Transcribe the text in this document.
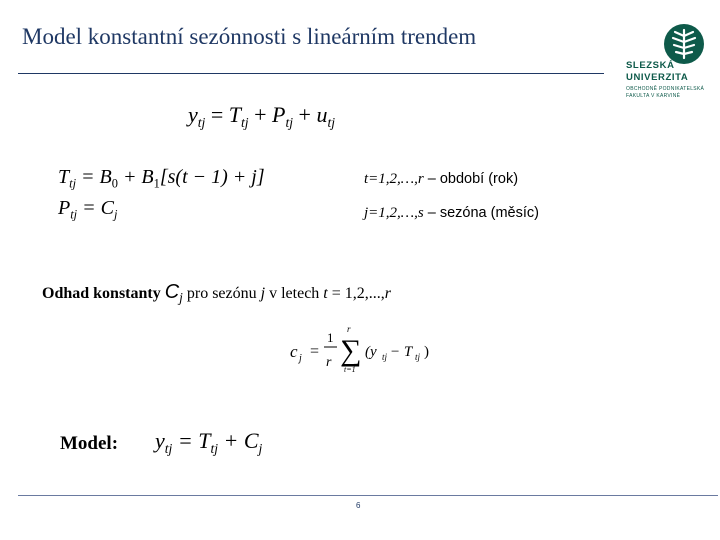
Model konstantní sezónnosti s lineárním trendem
SLEZSKÁ
UNIVERZITA
OBCHODNĚ PODNIKATELSKÁ
FAKULTA V KARVINÉ
$y_{tj} = T_{tj} + P_{tj} + u_{tj}$
$T_{tj} = B_0 + B_1[s(t - 1) + j]$
$P_{tj} = C_j$
t=1,2,…,r – období (rok)
j=1,2,…,s – sezóna (měsíc)
Odhad konstanty $C_j$ pro sezónu j v letech t = 1,2,...,r
c j =
1
r
r
∑
t=1
(y tj − T tj )
Model: $y_{tj} = T_{tj} + C_j$
6
